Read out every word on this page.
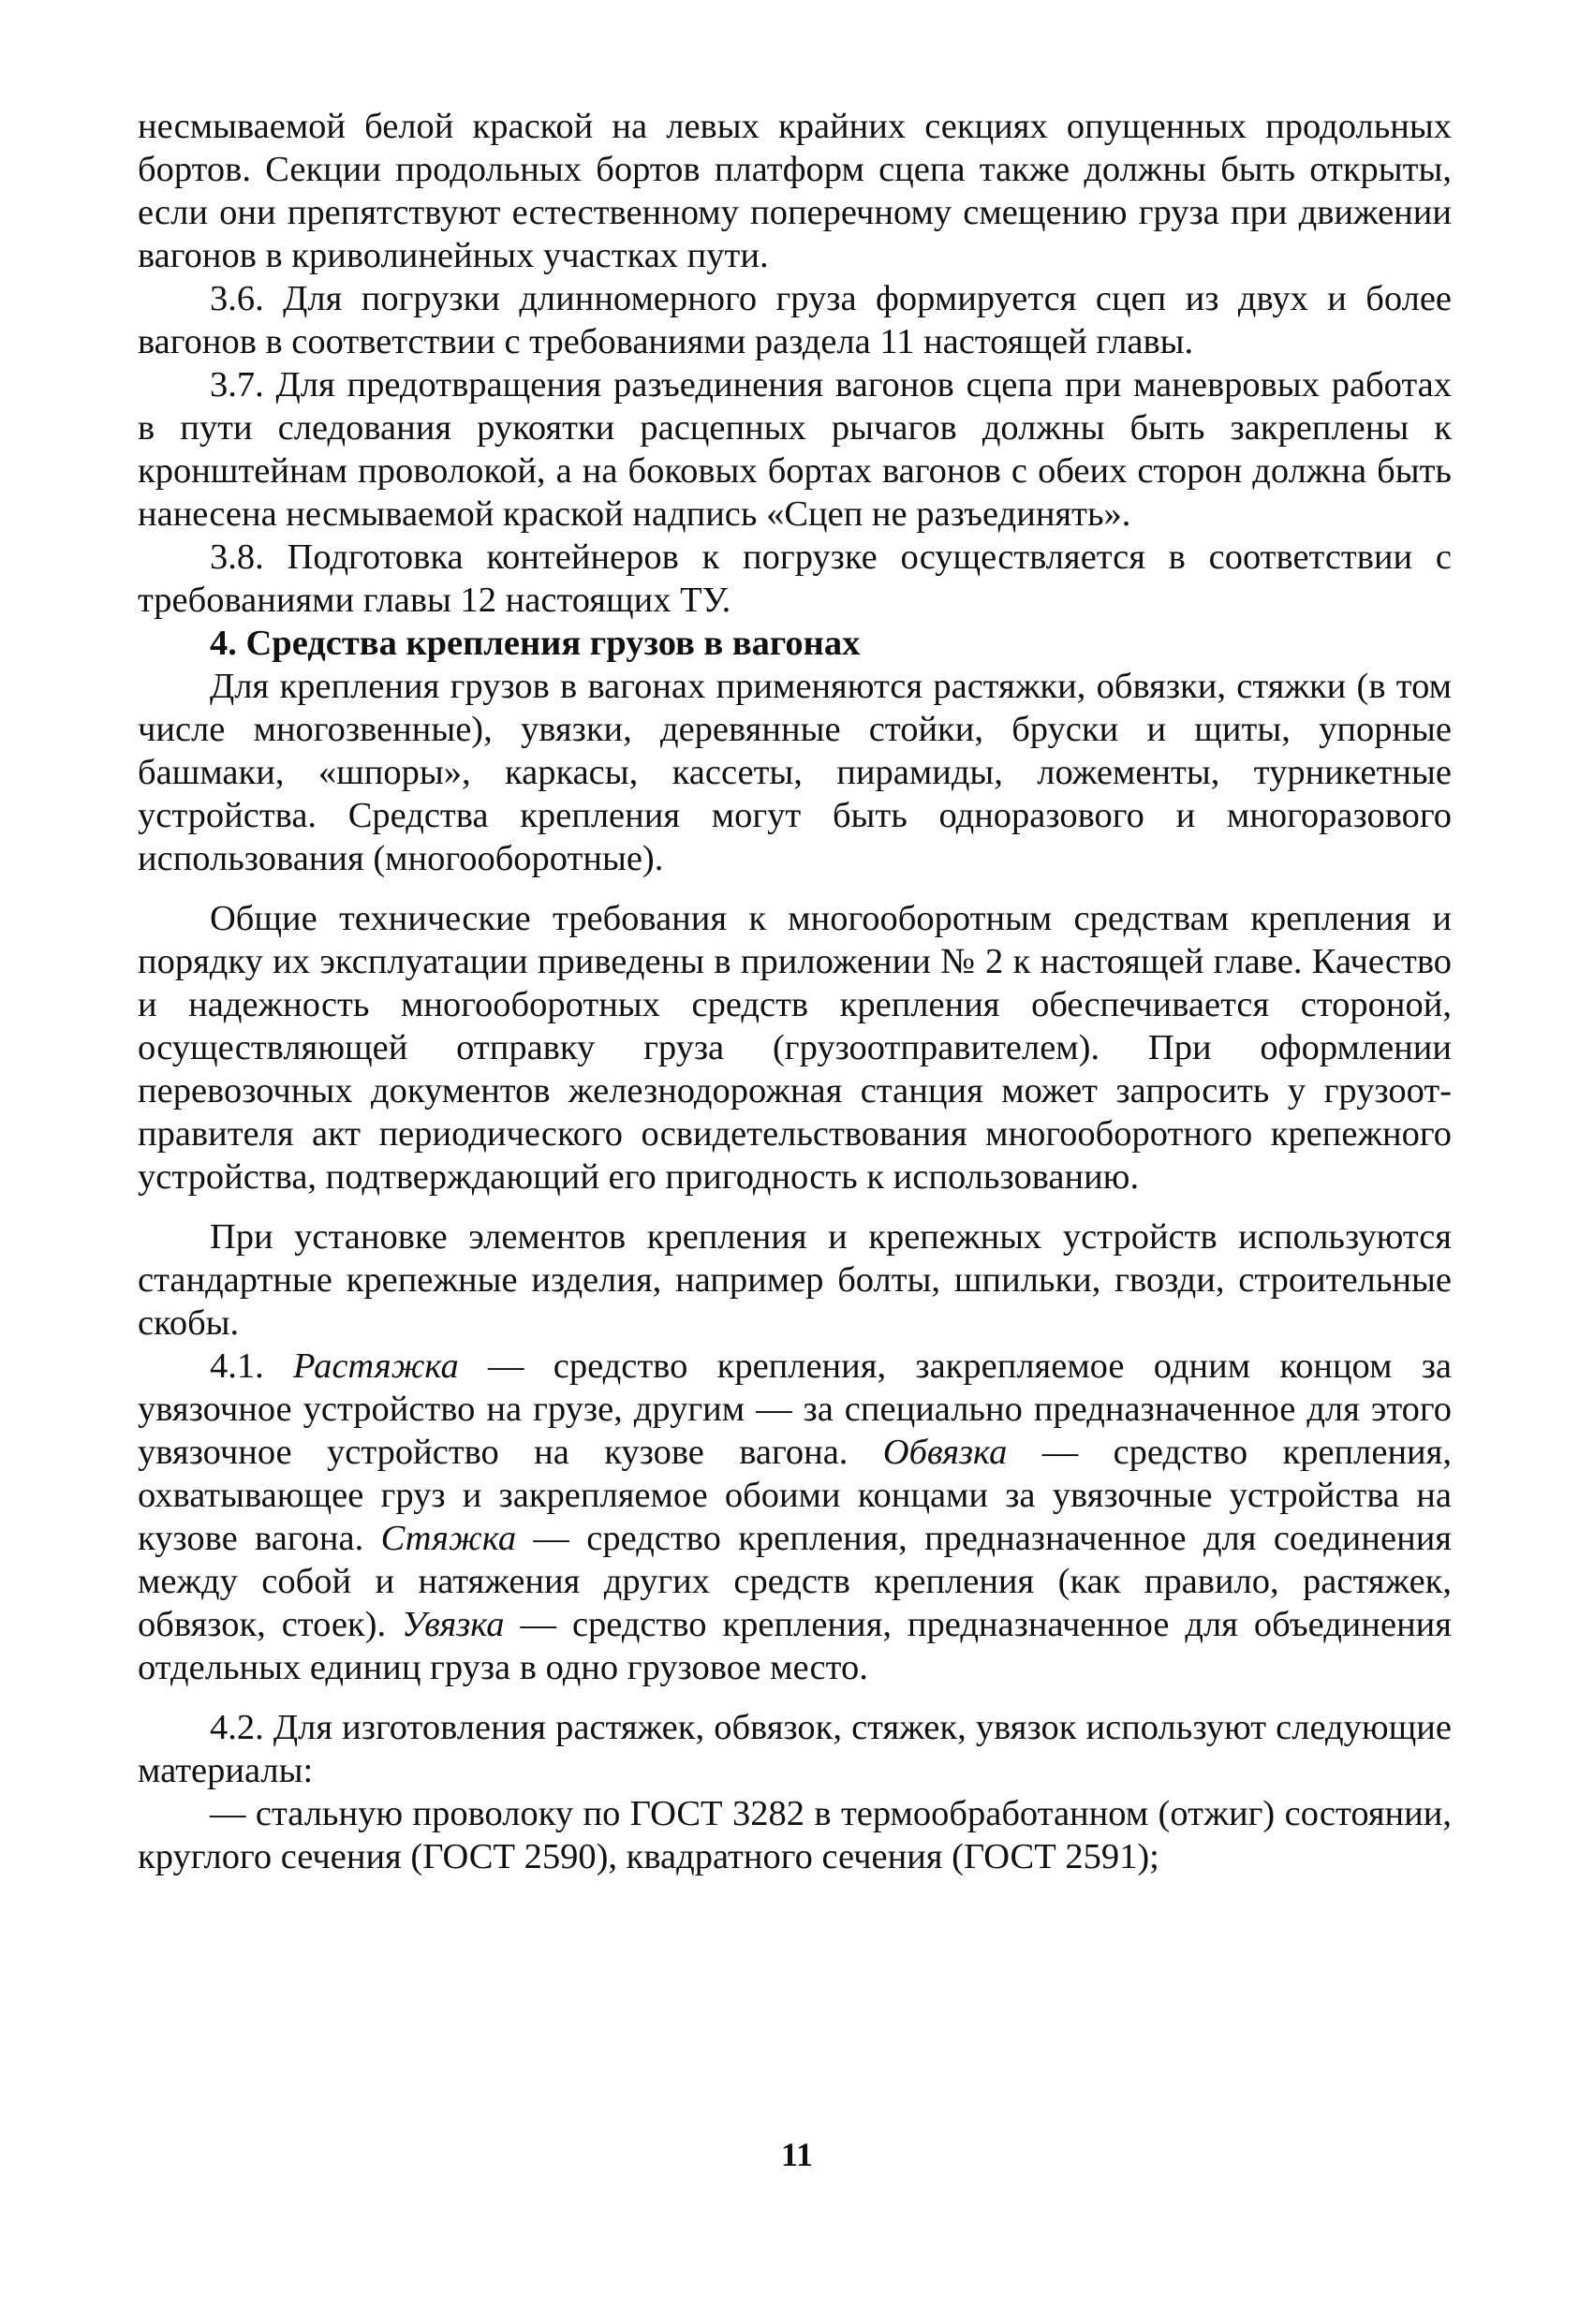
несмываемой белой краской на левых крайних секциях опущенных продольных бортов. Секции продольных бортов платформ сцепа также должны быть открыты, если они препятствуют естественному поперечному смещению груза при движении вагонов в криволинейных участках пути.

3.6. Для погрузки длинномерного груза формируется сцеп из двух и более вагонов в соответствии с требованиями раздела 11 настоящей главы.

3.7. Для предотвращения разъединения вагонов сцепа при маневровых работах в пути следования рукоятки расцепных рычагов должны быть закреплены к кронштейнам проволокой, а на боковых бортах вагонов с обеих сторон должна быть нанесена несмываемой краской надпись «Сцеп не разъединять».

3.8. Подготовка контейнеров к погрузке осуществляется в соответствии с требованиями главы 12 настоящих ТУ.

4. Средства крепления грузов в вагонах

Для крепления грузов в вагонах применяются растяжки, обвязки, стяжки (в том числе многозвенные), увязки, деревянные стойки, бруски и щиты, упорные башмаки, «шпоры», каркасы, кассеты, пирамиды, ложементы, турникетные устройства. Средства крепления могут быть одноразового и многоразового использования (многооборотные).

Общие технические требования к многооборотным средствам крепления и порядку их эксплуатации приведены в приложении № 2 к настоящей главе. Качество и надежность многооборотных средств крепления обеспечивается стороной, осуществляющей отправку груза (грузоотправителем). При оформлении перевозочных документов железнодорожная станция может запросить у грузоотправителя акт периодического освидетельствования многооборотного крепежного устройства, подтверждающий его пригодность к использованию.

При установке элементов крепления и крепежных устройств используются стандартные крепежные изделия, например болты, шпильки, гвозди, строительные скобы.

4.1. Растяжка — средство крепления, закрепляемое одним концом за увязочное устройство на грузе, другим — за специально предназначенное для этого увязочное устройство на кузове вагона. Обвязка — средство крепления, охватывающее груз и закрепляемое обоими концами за увязочные устройства на кузове вагона. Стяжка — средство крепления, предназначенное для соединения между собой и натяжения других средств крепления (как правило, растяжек, обвязок, стоек). Увязка — средство крепления, предназначенное для объединения отдельных единиц груза в одно грузовое место.

4.2. Для изготовления растяжек, обвязок, стяжек, увязок используют следующие материалы:

— стальную проволоку по ГОСТ 3282 в термообработанном (отжиг) состоянии, круглого сечения (ГОСТ 2590), квадратного сечения (ГОСТ 2591);

11
